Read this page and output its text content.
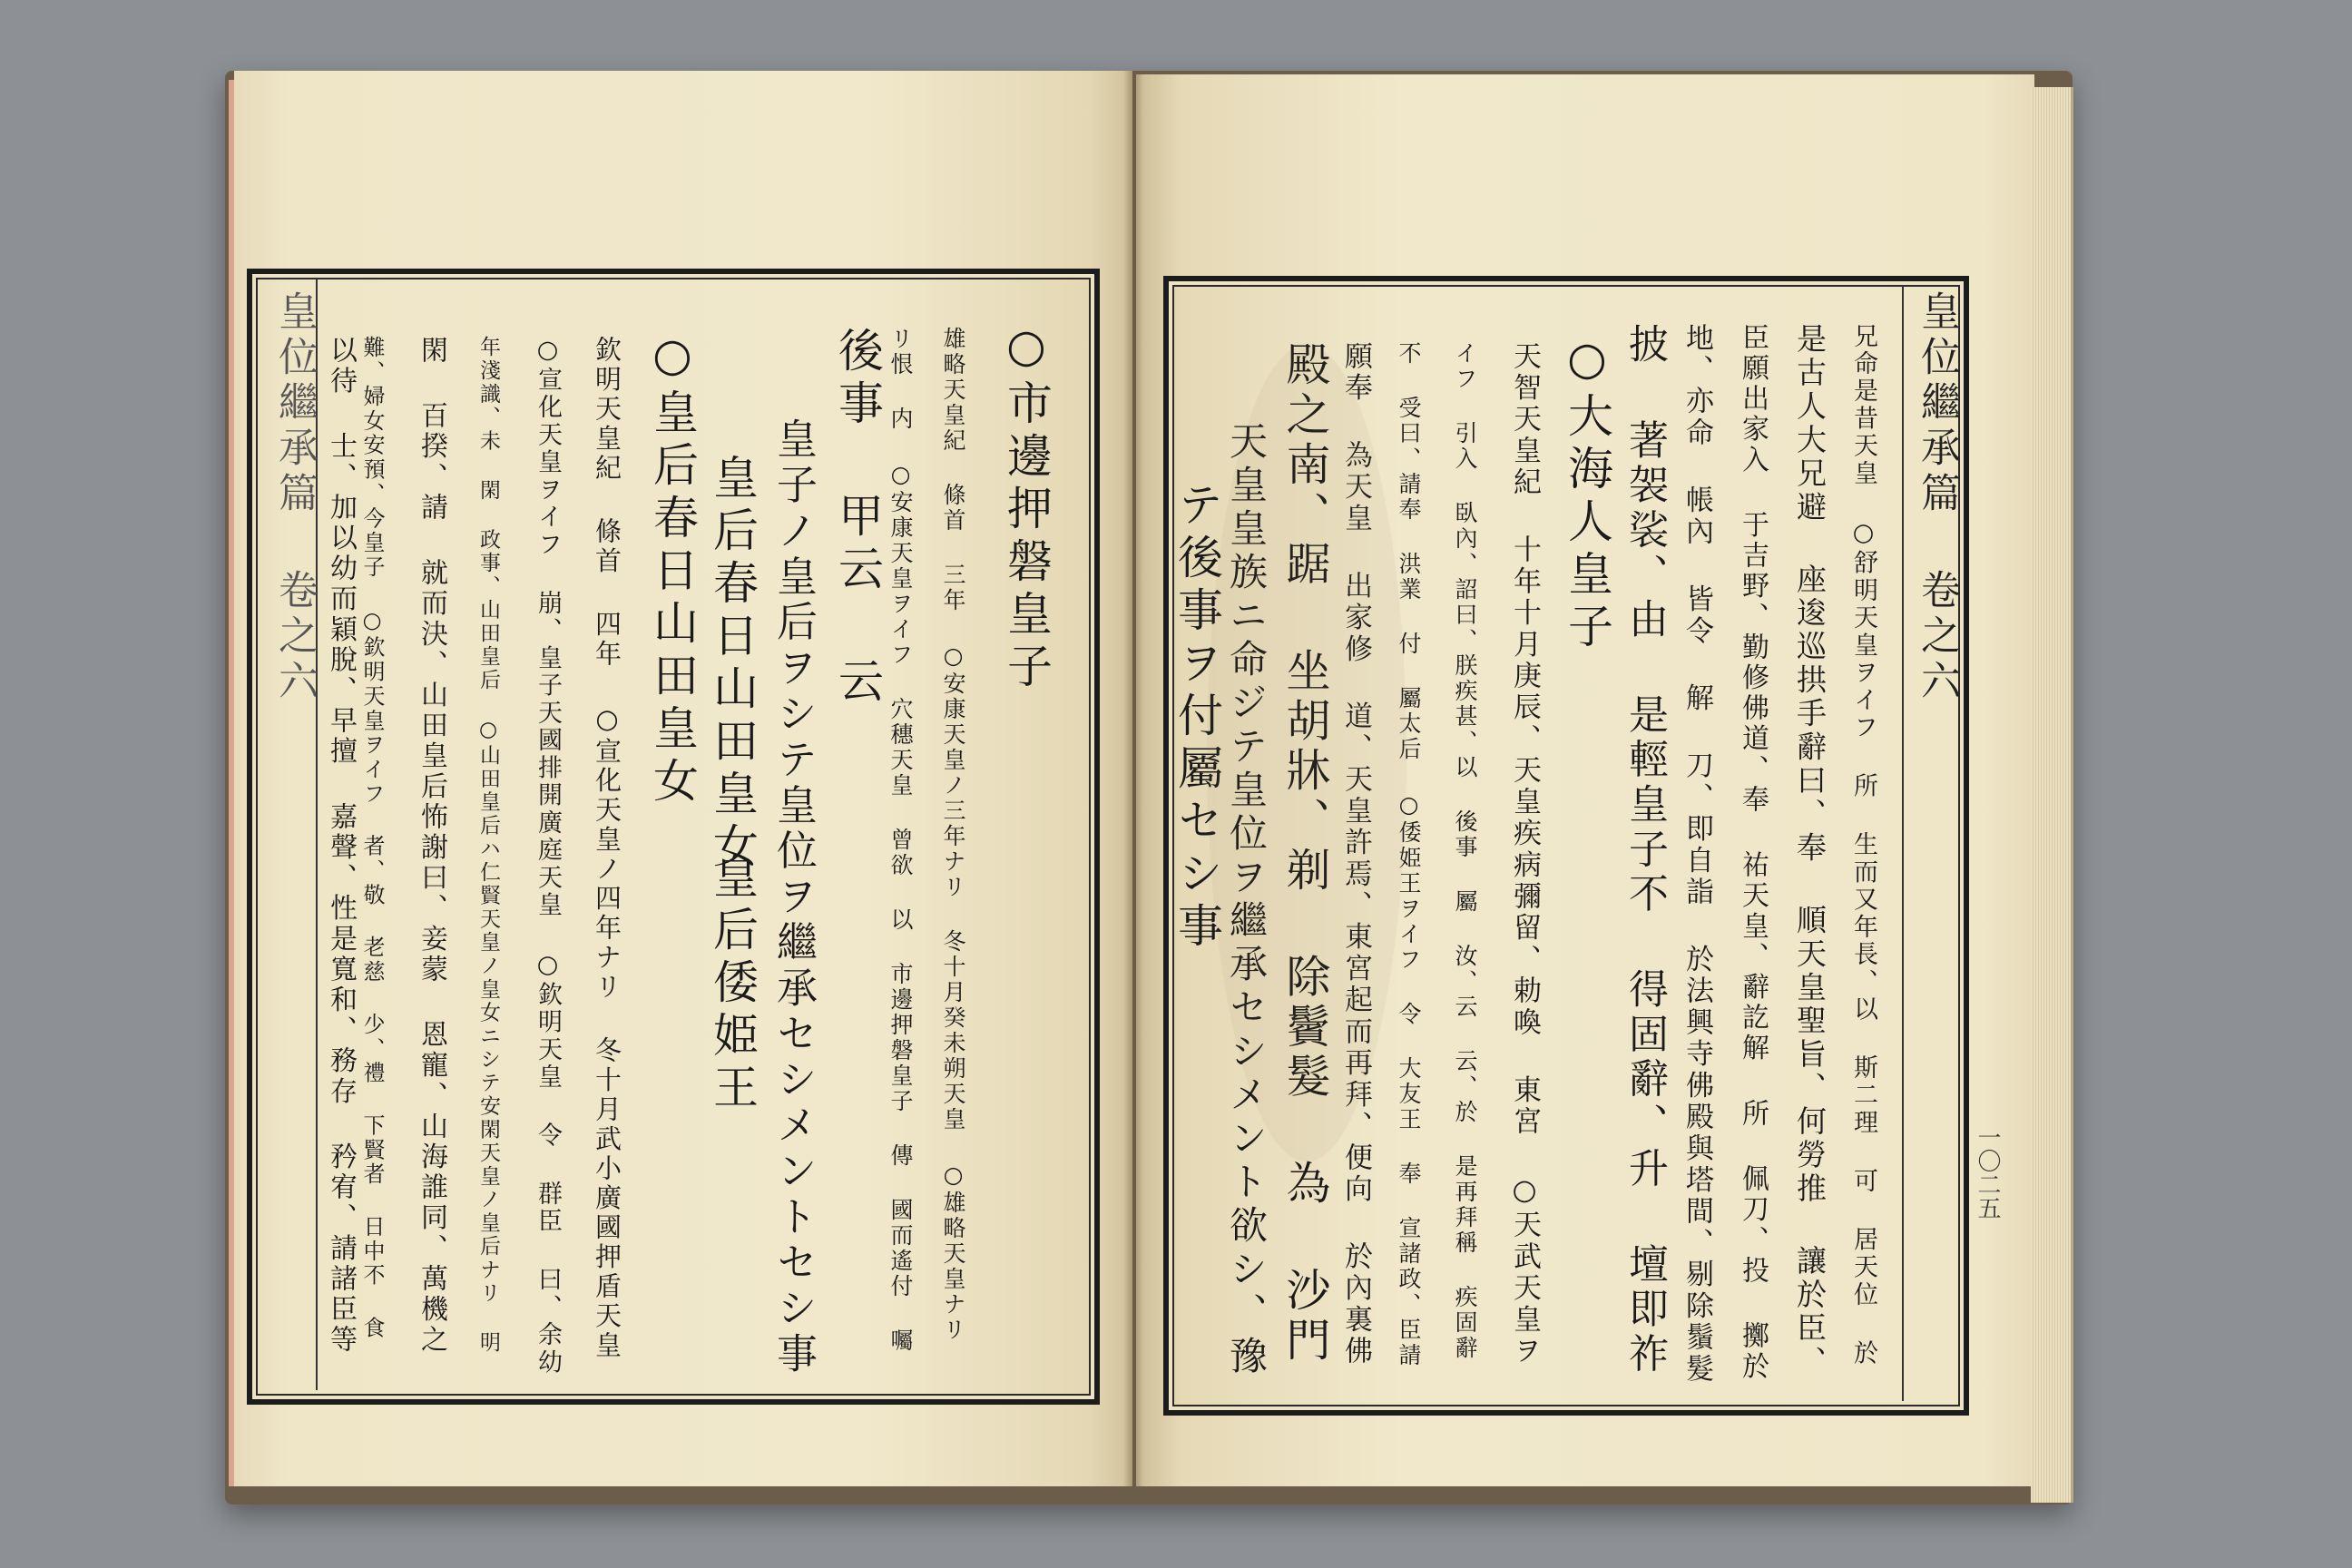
皇位繼承篇 卷之六	○市邊押磐皇子
雄略天皇紀 條首 三年 ○安康天皇ノ三年ナリ 冬十月癸未朔天皇 ○雄略天皇ナリ
リ恨 内 ○安康天皇ヲイフ 穴穗天皇 曾欲 以 市邊押磐皇子 傳 國而遙付 囑
後事 甲云 云
皇子ノ皇后ヲシテ皇位ヲ繼承セシメントセシ事
皇后春日山田皇女
皇后倭姫王
○皇后春日山田皇女
欽明天皇紀 條首 四年 ○宣化天皇ノ四年ナリ 冬十月武小廣國押盾天皇
○宣化天皇ヲイフ 崩、皇子天國排開廣庭天皇 ○欽明天皇 令 群臣 曰、余幼
年淺識、未 閑 政事、山田皇后 ○山田皇后ハ仁賢天皇ノ皇女ニシテ安閑天皇ノ皇后ナリ 明
閑 百揆、請 就而決、山田皇后怖謝曰、妾蒙 恩寵、山海誰同、萬機之
難、婦女安預、今皇子 ○欽明天皇ヲイフ 者、敬 老慈 少、禮 下賢者 日中不 食
以待 士、加以幼而穎脫、早擅 嘉聲、性是寬和、務存 矜宥、請諸臣等	皇位繼承篇 卷之六
一〇二五
兄命是昔天皇 ○舒明天皇ヲイフ 所 生而又年長、以 斯二理 可 居天位 於
是古人大兄避 座逡巡拱手辭曰、奉 順天皇聖旨、何勞推 讓於臣、
臣願出家入 于吉野、勤修佛道、奉 祐天皇、辭訖解 所 佩刀、投 擲於
地、亦命 帳內 皆令 解 刀、即自詣 於法興寺佛殿與塔間、剔除鬚髮
披 著袈裟、由 是輕皇子不 得固辭、升 壇即祚
○大海人皇子
天智天皇紀 十年十月庚辰、天皇疾病彌留、勅喚 東宮 ○天武天皇ヲ
イフ 引入 臥內、詔曰、朕疾甚、以 後事 屬 汝、云 云、於 是再拜稱 疾固辭
不 受曰、請奉 洪業 付 屬太后 ○倭姫王ヲイフ 令 大友王 奉 宣諸政、臣請
願奉 為天皇 出家修 道、天皇許焉、東宮起而再拜、便向 於內裏佛
殿之南、踞 坐胡牀、剃 除鬢髮 為 沙門
天皇皇族ニ命ジテ皇位ヲ繼承セシメント欲シ、豫
テ後事ヲ付屬セシ事
